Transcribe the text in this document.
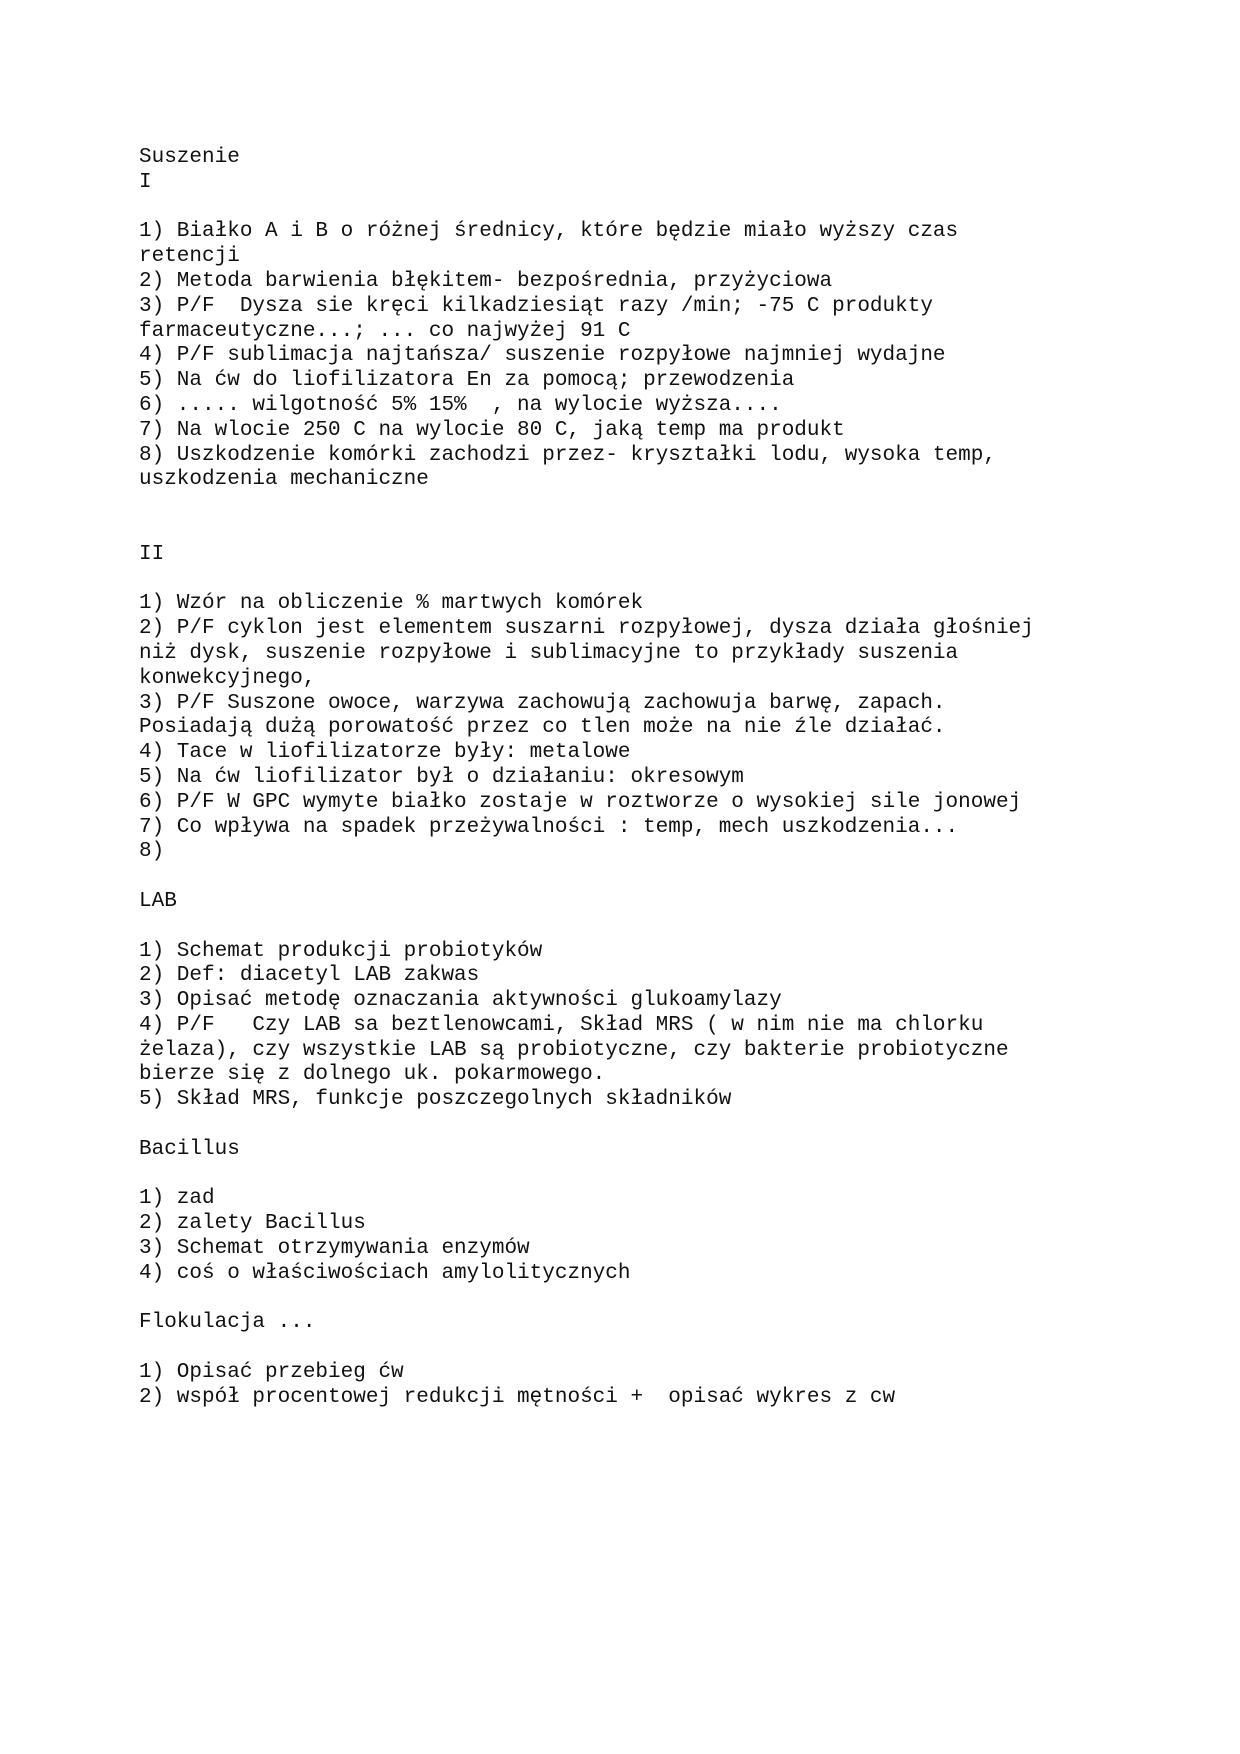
Suszenie
I
1) Białko A i B o różnej średnicy, które będzie miało wyższy czas
retencji
2) Metoda barwienia błękitem- bezpośrednia, przyżyciowa
3) P/F  Dysza sie kręci kilkadziesiąt razy /min; -75 C produkty
farmaceutyczne...; ... co najwyżej 91 C
4) P/F sublimacja najtańsza/ suszenie rozpyłowe najmniej wydajne
5) Na ćw do liofilizatora En za pomocą; przewodzenia
6) ..... wilgotność 5% 15%  , na wylocie wyższa....
7) Na wlocie 250 C na wylocie 80 C, jaką temp ma produkt
8) Uszkodzenie komórki zachodzi przez- kryształki lodu, wysoka temp,
uszkodzenia mechaniczne
II
1) Wzór na obliczenie % martwych komórek
2) P/F cyklon jest elementem suszarni rozpyłowej, dysza działa głośniej
niż dysk, suszenie rozpyłowe i sublimacyjne to przykłady suszenia
konwekcyjnego,
3) P/F Suszone owoce, warzywa zachowują zachowuja barwę, zapach.
Posiadają dużą porowatość przez co tlen może na nie źle działać.
4) Tace w liofilizatorze były: metalowe
5) Na ćw liofilizator był o działaniu: okresowym
6) P/F W GPC wymyte białko zostaje w roztworze o wysokiej sile jonowej
7) Co wpływa na spadek przeżywalności : temp, mech uszkodzenia...
8)
LAB
1) Schemat produkcji probiotyków
2) Def: diacetyl LAB zakwas
3) Opisać metodę oznaczania aktywności glukoamylazy
4) P/F   Czy LAB sa beztlenowcami, Skład MRS ( w nim nie ma chlorku
żelaza), czy wszystkie LAB są probiotyczne, czy bakterie probiotyczne
bierze się z dolnego uk. pokarmowego.
5) Skład MRS, funkcje poszczegolnych składników
Bacillus
1) zad
2) zalety Bacillus
3) Schemat otrzymywania enzymów
4) coś o właściwościach amylolitycznych
Flokulacja ...
1) Opisać przebieg ćw
2) współ procentowej redukcji mętności +  opisać wykres z cw
